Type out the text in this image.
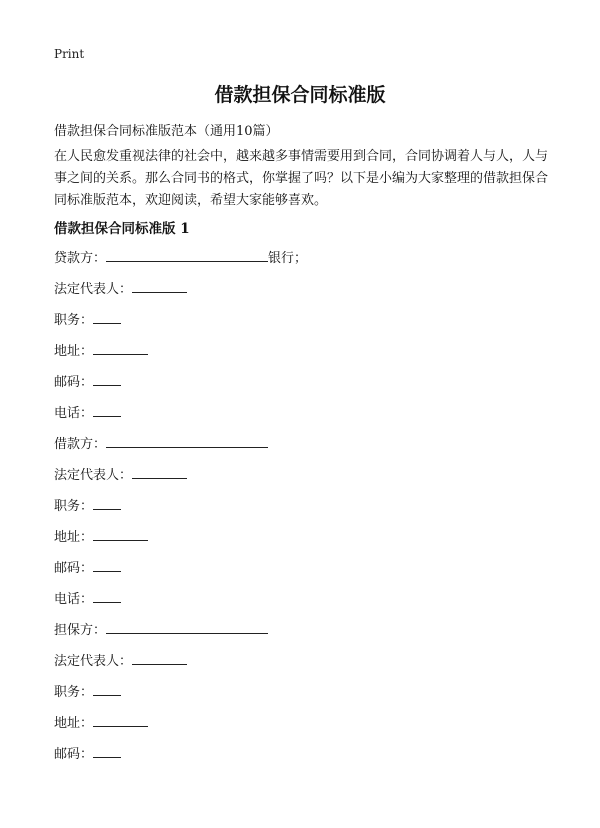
Print
借款担保合同标准版

借款担保合同标准版范本（通用10篇）

在人民愈发重视法律的社会中，越来越多事情需要用到合同，合同协调着人与人，人与事之间的关系。那么合同书的格式，你掌握了吗？以下是小编为大家整理的借款担保合同标准版范本，欢迎阅读，希望大家能够喜欢。

借款担保合同标准版 1
贷款方：	银行；
法定代表人：
职务：
地址：
邮码：
电话：
借款方：
法定代表人：
职务：
地址：
邮码：
电话：
担保方：
法定代表人：
职务：
地址：
邮码：
